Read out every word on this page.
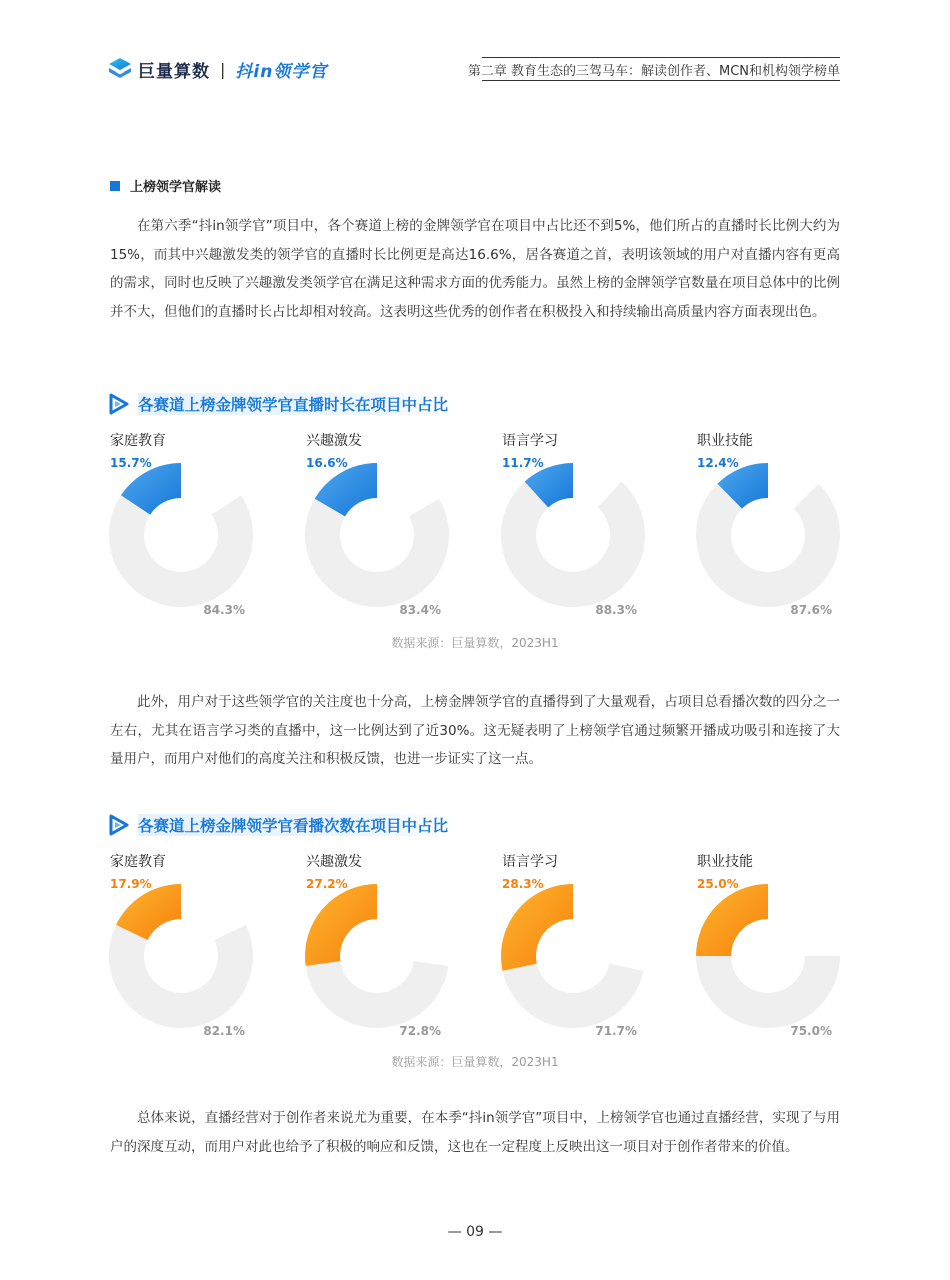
巨量算数 | 抖in领学官	第二章 教育生态的三驾马车：解读创作者、MCN和机构领学榜单
上榜领学官解读

在第六季“抖in领学官”项目中，各个赛道上榜的金牌领学官在项目中占比还不到5%，他们所占的直播时长比例大约为15%，而其中兴趣激发类的领学官的直播时长比例更是高达16.6%，居各赛道之首，表明该领域的用户对直播内容有更高的需求，同时也反映了兴趣激发类领学官在满足这种需求方面的优秀能力。虽然上榜的金牌领学官数量在项目总体中的比例并不大，但他们的直播时长占比却相对较高。这表明这些优秀的创作者在积极投入和持续输出高质量内容方面表现出色。

各赛道上榜金牌领学官直播时长在项目中占比
家庭教育
15.7%
84.3%
兴趣激发
16.6%
83.4%
语言学习
11.7%
88.3%
职业技能
12.4%
87.6%
数据来源：巨量算数，2023H1

此外，用户对于这些领学官的关注度也十分高，上榜金牌领学官的直播得到了大量观看，占项目总看播次数的四分之一左右，尤其在语言学习类的直播中，这一比例达到了近30%。这无疑表明了上榜领学官通过频繁开播成功吸引和连接了大量用户，而用户对他们的高度关注和积极反馈，也进一步证实了这一点。

各赛道上榜金牌领学官看播次数在项目中占比
家庭教育
17.9%
82.1%
兴趣激发
27.2%
72.8%
语言学习
28.3%
71.7%
职业技能
25.0%
75.0%
数据来源：巨量算数，2023H1

总体来说，直播经营对于创作者来说尤为重要，在本季“抖in领学官”项目中，上榜领学官也通过直播经营，实现了与用户的深度互动，而用户对此也给予了积极的响应和反馈，这也在一定程度上反映出这一项目对于创作者带来的价值。

— 09 —
